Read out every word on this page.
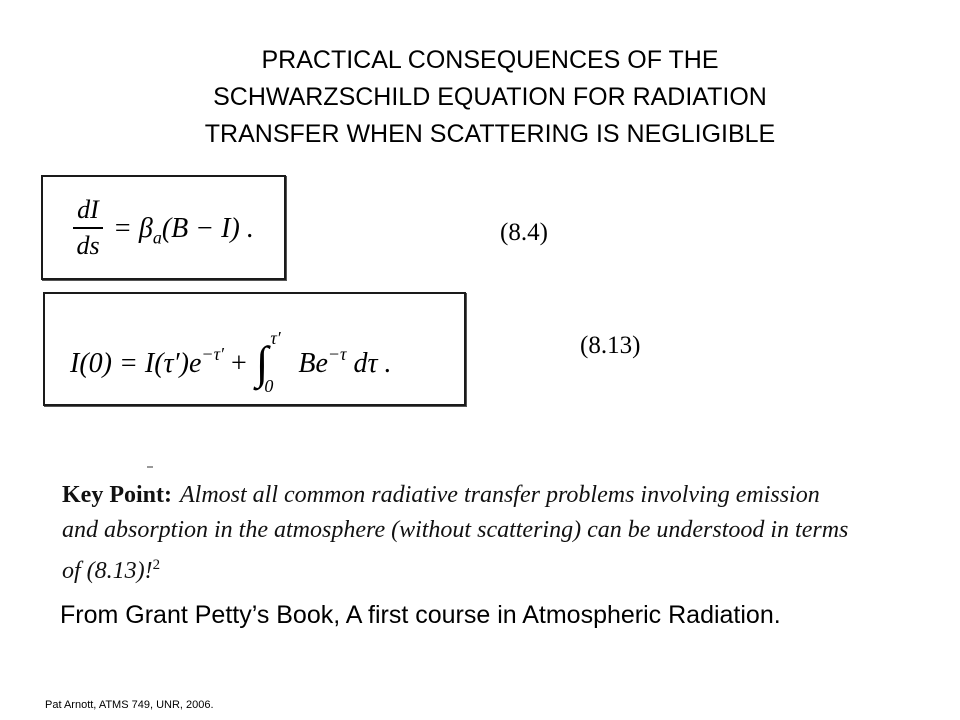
PRACTICAL CONSEQUENCES OF THE
SCHWARZSCHILD EQUATION FOR RADIATION
TRANSFER WHEN SCATTERING IS NEGLIGIBLE
dI
ds
= $\beta_a(B - I)$ .	(8.4)
$I(0) = I(\tau')e^{-\tau'}$ + ∫ τ′
0
$Be^{-\tau}$ dτ .
(8.13)
Key Point: Almost all common radiative transfer problems involving emission and absorption in the atmosphere (without scattering) can be understood in terms of (8.13)!$^2$
From Grant Petty’s Book, A first course in Atmospheric Radiation.
Pat Arnott, ATMS 749, UNR, 2006.
